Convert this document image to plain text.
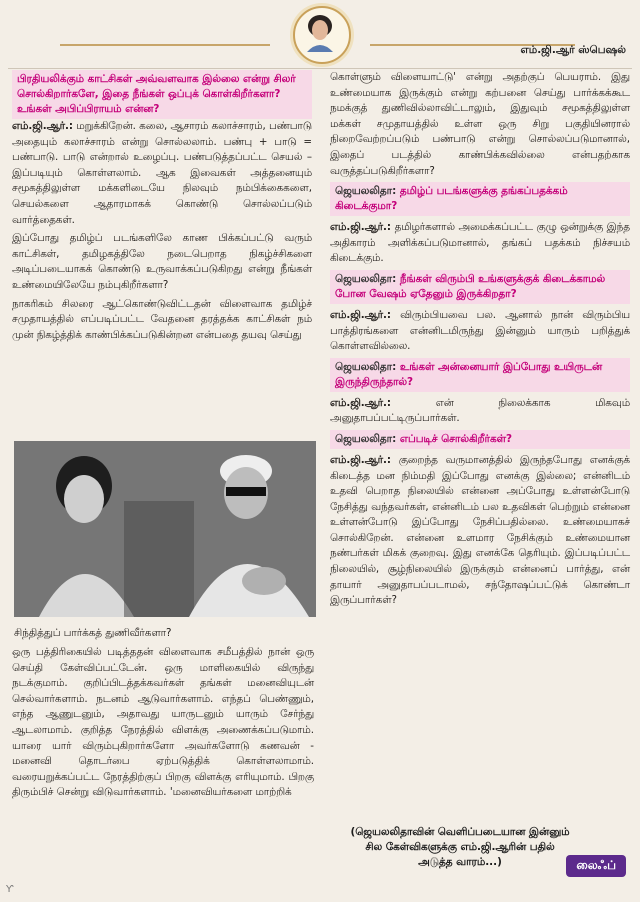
எம்.ஜி.ஆர் ஸ்பெஷல்
பிரதியலிக்கும் காட்சிகள் அவ்வளவாக இல்லை என்று சிலர் சொல்கிறார்களே, இதை நீங்கள் ஒப்புக் கொள்கிறீர்களா? உங்கள் அபிப்பிராயம் என்ன?

எம்.ஜி.ஆர்.: மறுக்கிறேன். கலை, ஆசாரம் கலாச்சாரம், பண்பாடு அதையும் கலாச்சாரம் என்று சொல்லலாம். பண்பு + பாடு = பண்பாடு. பாடு என்றால் உழைப்பு. பண்படுத்தப்பட்ட செயல் – இப்படியும் கொள்ளலாம். ஆக இவைகள் அத்தனையும் சமூகத்திலுள்ள மக்களிடையே நிலவும் நம்பிக்கைகளை, செயல்களை ஆதாரமாகக் கொண்டு சொல்லப்படும் வார்த்தைகள்.

இப்போது தமிழ்ப் படங்களிலே காண பிக்கப்பட்டு வரும் காட்சிகள், தமிழகத்திலே நடைபெறாத நிகழ்ச்சிகளை அடிப்படையாகக் கொண்டு உருவாக்கப்படுகிறது என்று நீங்கள் உண்மையிலேயே நம்புகிறீர்களா?

நாகரிகம் சிலரை ஆட்கொண்டுவிட்டதன் விளைவாக தமிழ்ச் சமுதாயத்தில் எப்படிப்பட்ட வேதனை தரத்தக்க காட்சிகள் நம் முன் நிகழ்த்திக் காண்பிக்கப்படுகின்றன என்பதை தயவு செய்து

சிந்தித்துப் பார்க்கத் துணிவீர்களா?

ஒரு பத்திரிகையில் படித்ததன் விளைவாக சமீபத்தில் நான் ஒரு செய்தி கேள்விப்பட்டேன். ஒரு மாளிகையில் விருந்து நடக்குமாம். குறிப்பிடத்தக்கவர்கள் தங்கள் மனைவியுடன் செல்வார்களாம். நடனம் ஆடுவார்களாம். எந்தப் பெண்ணும், எந்த ஆணுடனும், அதாவது யாருடனும் யாரும் சேர்ந்து ஆடலாமாம். குறித்த நேரத்தில் விளக்கு அணைக்கப்படுமாம். யாரை யார் விரும்புகிறார்களோ அவர்களோடு கணவன் - மனைவி தொடர்பை ஏற்படுத்திக் கொள்ளலாமாம். வரையறுக்கப்பட்ட நேரத்திற்குப் பிறகு விளக்கு எரியுமாம். பிறகு திரும்பிச் சென்று விடுவார்களாம். 'மனைவியர்களை மாற்றிக்

கொள்ளும் விளையாட்டு' என்று அதற்குப் பெயராம். இது உண்மையாக இருக்கும் என்று கற்பனை செய்து பார்க்கக்கூட நமக்குத் துணிவில்லாவிட்டாலும், இதுவும் சமூகத்திலுள்ள மக்கள் சமுதாயத்தில் உள்ள ஒரு சிறு பகுதியினரால் நிறைவேற்றப்படும் பண்பாடு என்று சொல்லப்படுமானால், இதைப் படத்தில் காண்பிக்கவில்லை என்பதற்காக வருத்தப்படுகிறீர்களா?

ஜெயலலிதா: தமிழ்ப் படங்களுக்கு தங்கப்பதக்கம் கிடைக்குமா?

எம்.ஜி.ஆர்.: தமிழர்களால் அமைக்கப்பட்ட குழு ஒன்றுக்கு இந்த அதிகாரம் அளிக்கப்படுமானால், தங்கப் பதக்கம் நிச்சயம் கிடைக்கும்.

ஜெயலலிதா: நீங்கள் விரும்பி உங்களுக்குக் கிடைக்காமல் போன வேஷம் ஏதேனும் இருக்கிறதா?

எம்.ஜி.ஆர்.: விரும்பியவை பல. ஆனால் நான் விரும்பிய பாத்திரங்களை என்னிடமிருந்து இன்னும் யாரும் பறித்துக் கொள்ளவில்லை.

ஜெயலலிதா: உங்கள் அன்னையார் இப்போது உயிருடன் இருந்திருந்தால்?

எம்.ஜி.ஆர்.:	என் நிலைக்காக மிகவும் அனுதாபப்பட்டிருப்பார்கள்.

ஜெயலலிதா: எப்படிச் சொல்கிறீர்கள்?

எம்.ஜி.ஆர்.: குறைந்த வருமானத்தில் இருந்தபோது எனக்குக் கிடைத்த மன நிம்மதி இப்போது எனக்கு இல்லை; என்னிடம் உதவி பெறாத நிலையில் என்னை அப்போது உள்ளன்போடு நேசித்து வந்தவர்கள், என்னிடம் பல உதவிகள் பெற்றும் என்னை உள்ளன்போடு இப்போது நேசிப்பதில்லை. உண்மையாகச் சொல்கிறேன். என்னை உளமார நேசிக்கும் உண்மையான நண்பர்கள் மிகக் குறைவு. இது எனக்கே தெரியும். இப்படிப்பட்ட நிலையில், சூழ்நிலையில் இருக்கும் என்னைப் பார்த்து, என் தாயார் அனுதாபப்படாமல், சந்தோஷப்பட்டுக் கொண்டா இருப்பார்கள்?

(ஜெயலலிதாவின் வெளிப்படையான இன்னும் சில கேள்விகளுக்கு எம்.ஜி.ஆரின் பதில் அடுத்த வாரம்...)	லைஃப்
Ƴ
